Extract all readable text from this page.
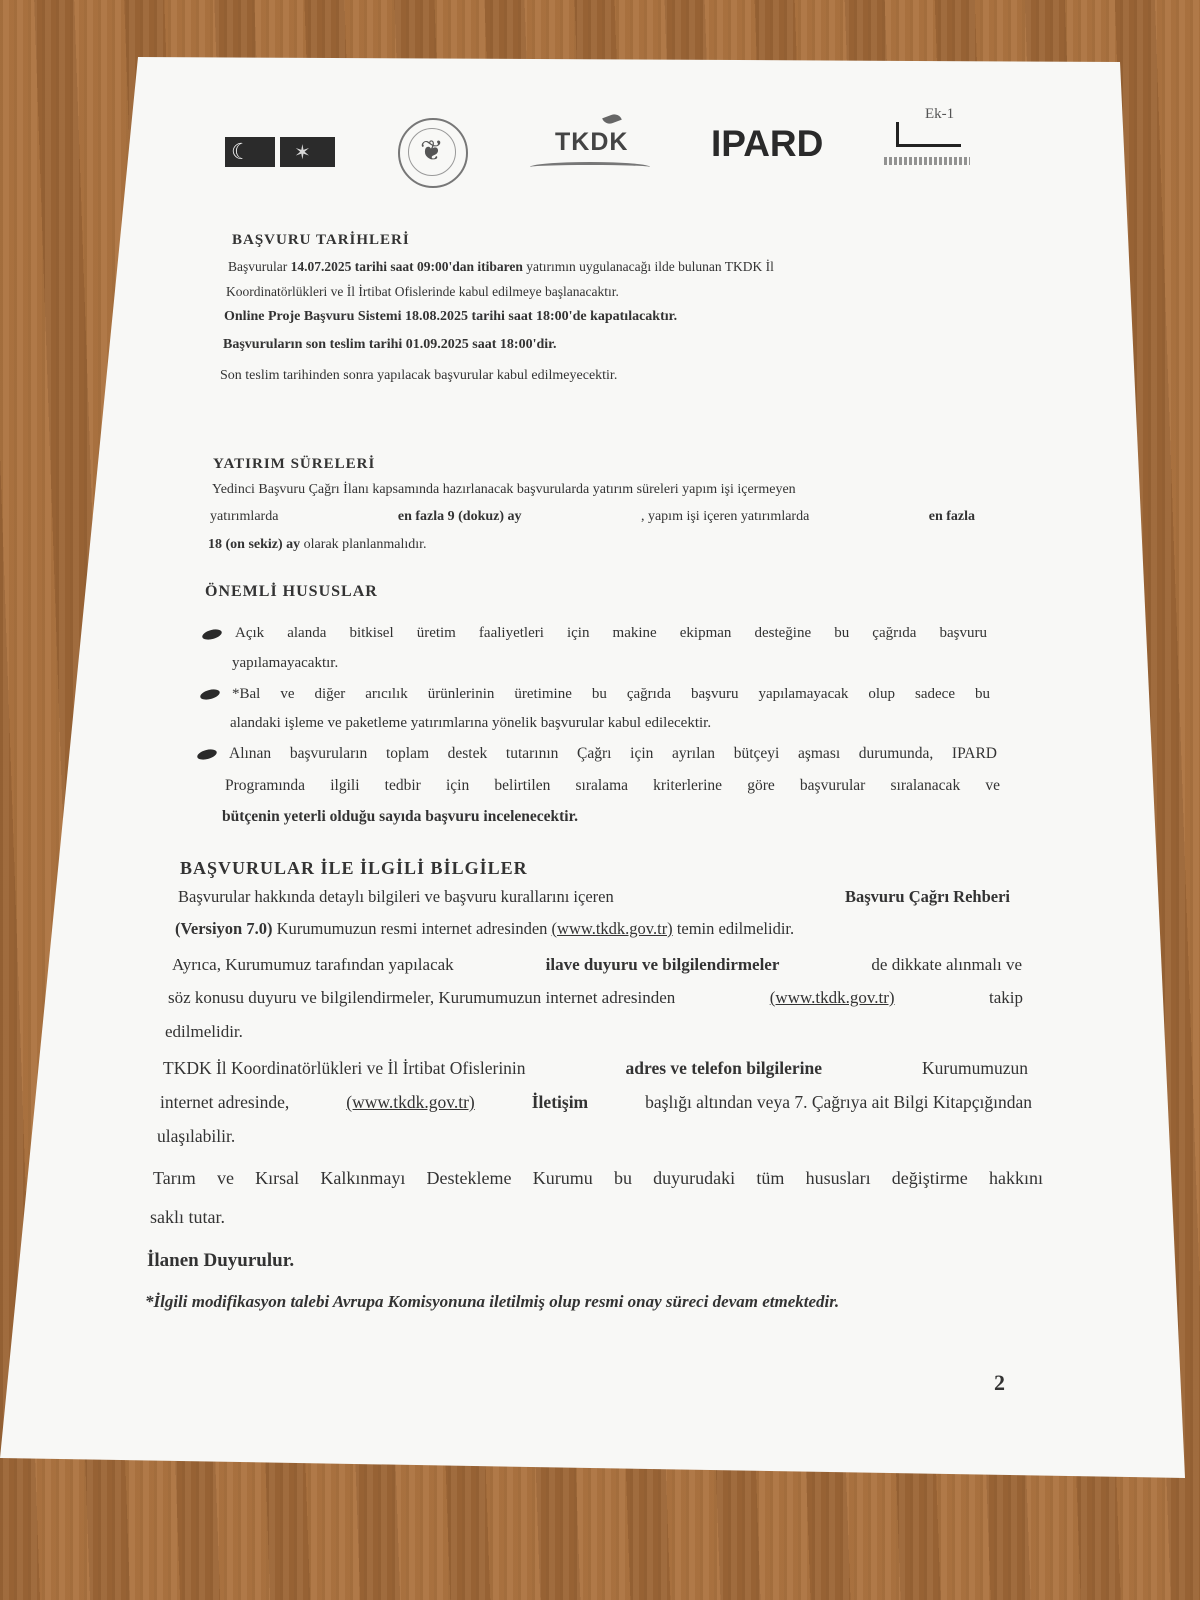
Ek-1
☾ ✶	❦	TKDK IPARD
BAŞVURU TARİHLERİ
Başvurular 14.07.2025 tarihi saat 09:00'dan itibaren yatırımın uygulanacağı ilde bulunan TKDK İl
Koordinatörlükleri ve İl İrtibat Ofislerinde kabul edilmeye başlanacaktır.
Online Proje Başvuru Sistemi 18.08.2025 tarihi saat 18:00'de kapatılacaktır.
Başvuruların son teslim tarihi 01.09.2025 saat 18:00'dir.
Son teslim tarihinden sonra yapılacak başvurular kabul edilmeyecektir.
YATIRIM SÜRELERİ
Yedinci Başvuru Çağrı İlanı kapsamında hazırlanacak başvurularda yatırım süreleri yapım işi içermeyen
yatırımlarda	en fazla 9 (dokuz) ay	, yapım işi içeren yatırımlarda	en fazla
18 (on sekiz) ay olarak planlanmalıdır.
ÖNEMLİ HUSUSLAR
Açık alanda bitkisel üretim faaliyetleri için makine ekipman desteğine bu çağrıda başvuru
yapılamayacaktır.
*Bal ve diğer arıcılık ürünlerinin üretimine bu çağrıda başvuru yapılamayacak olup sadece bu
alandaki işleme ve paketleme yatırımlarına yönelik başvurular kabul edilecektir.
Alınan başvuruların toplam destek tutarının Çağrı için ayrılan bütçeyi aşması durumunda, IPARD
Programında ilgili tedbir için belirtilen sıralama kriterlerine göre başvurular sıralanacak ve
bütçenin yeterli olduğu sayıda başvuru incelenecektir.
BAŞVURULAR İLE İLGİLİ BİLGİLER
Başvurular hakkında detaylı bilgileri ve başvuru kurallarını içeren	Başvuru Çağrı Rehberi
(Versiyon 7.0) Kurumumuzun resmi internet adresinden (www.tkdk.gov.tr) temin edilmelidir.
Ayrıca, Kurumumuz tarafından yapılacak	ilave duyuru ve bilgilendirmeler	de dikkate alınmalı ve
söz konusu duyuru ve bilgilendirmeler, Kurumumuzun internet adresinden	(www.tkdk.gov.tr)	takip
edilmelidir.
TKDK İl Koordinatörlükleri ve İl İrtibat Ofislerinin	adres ve telefon bilgilerine	Kurumumuzun
internet adresinde,	(www.tkdk.gov.tr)	İletişim	başlığı altından veya 7. Çağrıya ait Bilgi Kitapçığından
ulaşılabilir.
Tarım ve Kırsal Kalkınmayı Destekleme Kurumu bu duyurudaki tüm hususları değiştirme hakkını
saklı tutar.
İlanen Duyurulur.
*İlgili modifikasyon talebi Avrupa Komisyonuna iletilmiş olup resmi onay süreci devam etmektedir.
2
